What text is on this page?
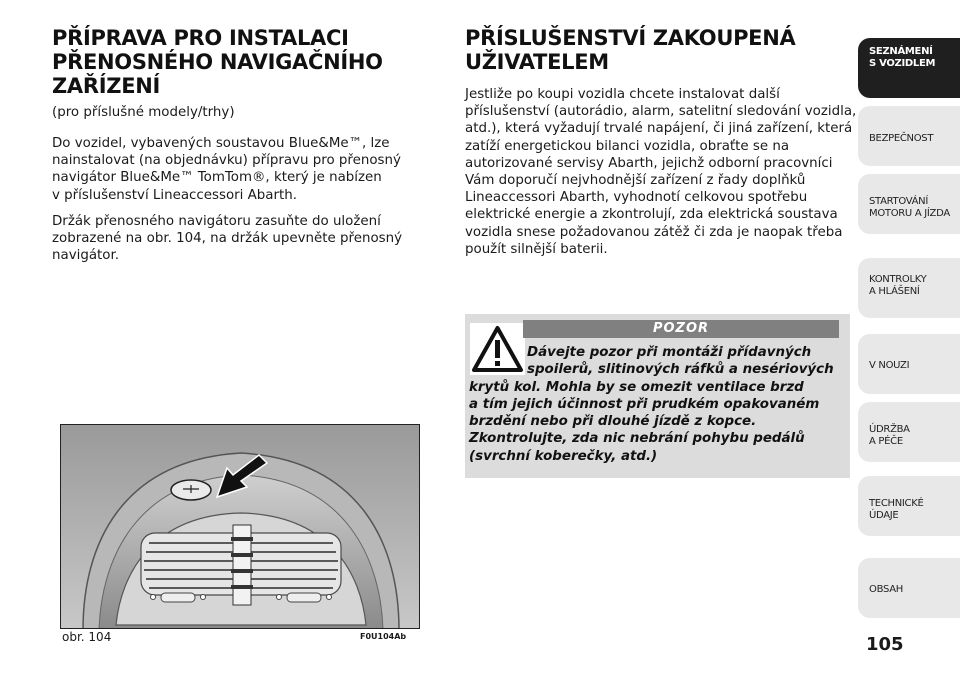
PŘÍPRAVA PRO INSTALACI
PŘENOSNÉHO NAVIGAČNÍHO
ZAŘÍZENÍ

(pro příslušné modely/trhy)

Do vozidel, vybavených soustavou Blue&Me™, lze
nainstalovat (na objednávku) přípravu pro přenosný
navigátor Blue&Me™ TomTom®, který je nabízen
v příslušenství Lineaccessori Abarth.

Držák přenosného navigátoru zasuňte do uložení
zobrazené na obr. 104, na držák upevněte přenosný
navigátor.

obr. 104	F0U104Ab
PŘÍSLUŠENSTVÍ ZAKOUPENÁ
UŽIVATELEM

Jestliže po koupi vozidla chcete instalovat další
příslušenství (autorádio, alarm, satelitní sledování vozidla,
atd.), která vyžadují trvalé napájení, či jiná zařízení, která
zatíží energetickou bilanci vozidla, obraťte se na
autorizované servisy Abarth, jejichž odborní pracovníci
Vám doporučí nejvhodnější zařízení z řady doplňků
Lineaccessori Abarth, vyhodnotí celkovou spotřebu
elektrické energie a zkontrolují, zda elektrická soustava
vozidla snese požadovanou zátěž či zda je naopak třeba
použít silnější baterii.

POZOR
Dávejte pozor při montáži přídavných
spoilerů, slitinových ráfků a nesériových
krytů kol. Mohla by se omezit ventilace brzd
a tím jejich účinnost při prudkém opakovaném
brzdění nebo při dlouhé jízdě z kopce.
Zkontrolujte, zda nic nebrání pohybu pedálů
(svrchní koberečky, atd.)
SEZNÁMENÍ
S VOZIDLEM
BEZPEČNOST
STARTOVÁNÍ
MOTORU A JÍZDA
KONTROLKY
A HLÁŠENÍ
V NOUZI
ÚDRŽBA
A PÉČE
TECHNICKÉ
ÚDAJE
OBSAH
105
